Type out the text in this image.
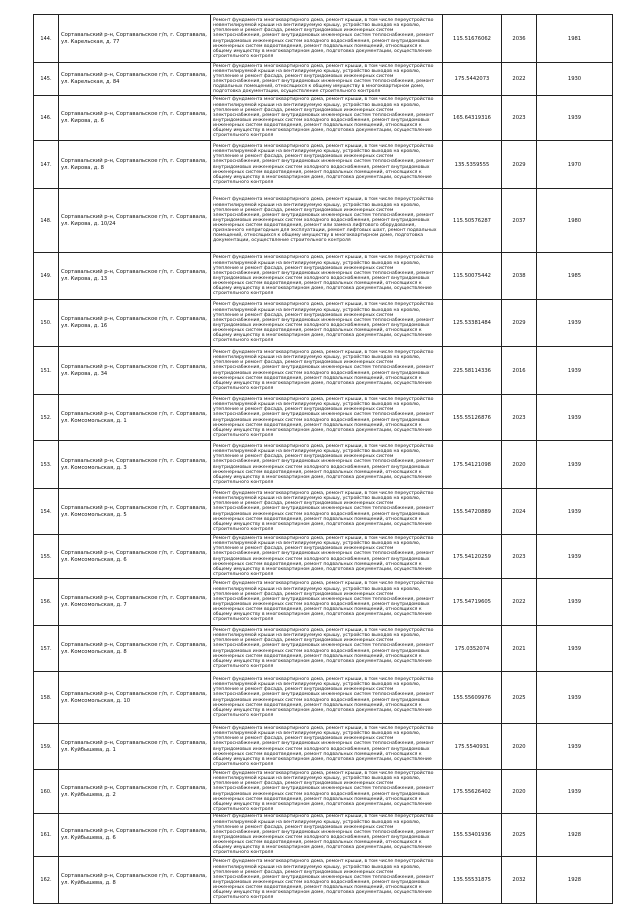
144.	Сортавальский р-н, Сортавальское г/п, г. Сортавала, ул. Карельская, д. 77	Ремонт фундамента многоквартирного дома, ремонт крыши, в том числе переустройство невентилируемой крыши на вентилируемую крышу, устройство выходов на кровлю, утепление и ремонт фасада, ремонт внутридомовых инженерных систем электроснабжения, ремонт внутридомовых инженерных систем теплоснабжения, ремонт внутридомовых инженерных систем холодного водоснабжения, ремонт внутридомовых инженерных систем водоотведения, ремонт подвальных помещений, относящихся к общему имуществу в многоквартирном доме, подготовка документации, осуществление строительного контроля	115.51676062	2036	1981
145.	Сортавальский р-н, Сортавальское г/п, г. Сортавала, ул. Карельская, д. 84	Ремонт фундамента многоквартирного дома, ремонт крыши, в том числе переустройство невентилируемой крыши на вентилируемую крышу, устройство выходов на кровлю, утепление и ремонт фасада, ремонт внутридомовых инженерных систем электроснабжения, ремонт внутридомовых инженерных систем теплоснабжения, ремонт подвальных помещений, относящихся к общему имуществу в многоквартирном доме, подготовка документации, осуществление строительного контроля	175.5442073	2022	1930
146.	Сортавальский р-н, Сортавальское г/п, г. Сортавала, ул. Кирова, д. 6	Ремонт фундамента многоквартирного дома, ремонт крыши, в том числе переустройство невентилируемой крыши на вентилируемую крышу, устройство выходов на кровлю, утепление и ремонт фасада, ремонт внутридомовых инженерных систем электроснабжения, ремонт внутридомовых инженерных систем теплоснабжения, ремонт внутридомовых инженерных систем холодного водоснабжения, ремонт внутридомовых инженерных систем водоотведения, ремонт подвальных помещений, относящихся к общему имуществу в многоквартирном доме, подготовка документации, осуществление строительного контроля	165.64319316	2023	1939
147.	Сортавальский р-н, Сортавальское г/п, г. Сортавала, ул. Кирова, д. 8	Ремонт фундамента многоквартирного дома, ремонт крыши, в том числе переустройство невентилируемой крыши на вентилируемую крышу, устройство выходов на кровлю, утепление и ремонт фасада, ремонт внутридомовых инженерных систем электроснабжения, ремонт внутридомовых инженерных систем теплоснабжения, ремонт внутридомовых инженерных систем холодного водоснабжения, ремонт внутридомовых инженерных систем водоотведения, ремонт подвальных помещений, относящихся к общему имуществу в многоквартирном доме, подготовка документации, осуществление строительного контроля	135.5359555	2029	1970
148.	Сортавальский р-н, Сортавальское г/п, г. Сортавала, ул. Кирова, д. 10/24	Ремонт фундамента многоквартирного дома, ремонт крыши, в том числе переустройство невентилируемой крыши на вентилируемую крышу, устройство выходов на кровлю, утепление и ремонт фасада, ремонт внутридомовых инженерных систем электроснабжения, ремонт внутридомовых инженерных систем теплоснабжения, ремонт внутридомовых инженерных систем холодного водоснабжения, ремонт внутридомовых инженерных систем водоотведения, ремонт или замена лифтового оборудования, признанного непригодным для эксплуатации, ремонт лифтовых шахт, ремонт подвальных помещений, относящихся к общему имуществу в многоквартирном доме, подготовка документации, осуществление строительного контроля	115.50576287	2037	1980
149.	Сортавальский р-н, Сортавальское г/п, г. Сортавала, ул. Кирова, д. 13	Ремонт фундамента многоквартирного дома, ремонт крыши, в том числе переустройство невентилируемой крыши на вентилируемую крышу, устройство выходов на кровлю, утепление и ремонт фасада, ремонт внутридомовых инженерных систем электроснабжения, ремонт внутридомовых инженерных систем теплоснабжения, ремонт внутридомовых инженерных систем холодного водоснабжения, ремонт внутридомовых инженерных систем водоотведения, ремонт подвальных помещений, относящихся к общему имуществу в многоквартирном доме, подготовка документации, осуществление строительного контроля	115.50075442	2038	1985
150.	Сортавальский р-н, Сортавальское г/п, г. Сортавала, ул. Кирова, д. 16	Ремонт фундамента многоквартирного дома, ремонт крыши, в том числе переустройство невентилируемой крыши на вентилируемую крышу, устройство выходов на кровлю, утепление и ремонт фасада, ремонт внутридомовых инженерных систем электроснабжения, ремонт внутридомовых инженерных систем теплоснабжения, ремонт внутридомовых инженерных систем холодного водоснабжения, ремонт внутридомовых инженерных систем водоотведения, ремонт подвальных помещений, относящихся к общему имуществу в многоквартирном доме, подготовка документации, осуществление строительного контроля	125.53381484	2029	1939
151.	Сортавальский р-н, Сортавальское г/п, г. Сортавала, ул. Кирова, д. 34	Ремонт фундамента многоквартирного дома, ремонт крыши, в том числе переустройство невентилируемой крыши на вентилируемую крышу, устройство выходов на кровлю, утепление и ремонт фасада, ремонт внутридомовых инженерных систем электроснабжения, ремонт внутридомовых инженерных систем теплоснабжения, ремонт внутридомовых инженерных систем холодного водоснабжения, ремонт внутридомовых инженерных систем водоотведения, ремонт подвальных помещений, относящихся к общему имуществу в многоквартирном доме, подготовка документации, осуществление строительного контроля	225.58114336	2016	1939
152.	Сортавальский р-н, Сортавальское г/п, г. Сортавала, ул. Комсомольская, д. 1	Ремонт фундамента многоквартирного дома, ремонт крыши, в том числе переустройство невентилируемой крыши на вентилируемую крышу, устройство выходов на кровлю, утепление и ремонт фасада, ремонт внутридомовых инженерных систем электроснабжения, ремонт внутридомовых инженерных систем теплоснабжения, ремонт внутридомовых инженерных систем холодного водоснабжения, ремонт внутридомовых инженерных систем водоотведения, ремонт подвальных помещений, относящихся к общему имуществу в многоквартирном доме, подготовка документации, осуществление строительного контроля	155.55126876	2023	1939
153.	Сортавальский р-н, Сортавальское г/п, г. Сортавала, ул. Комсомольская, д. 3	Ремонт фундамента многоквартирного дома, ремонт крыши, в том числе переустройство невентилируемой крыши на вентилируемую крышу, устройство выходов на кровлю, утепление и ремонт фасада, ремонт внутридомовых инженерных систем электроснабжения, ремонт внутридомовых инженерных систем теплоснабжения, ремонт внутридомовых инженерных систем холодного водоснабжения, ремонт внутридомовых инженерных систем водоотведения, ремонт подвальных помещений, относящихся к общему имуществу в многоквартирном доме, подготовка документации, осуществление строительного контроля	175.54121098	2020	1939
154.	Сортавальский р-н, Сортавальское г/п, г. Сортавала, ул. Комсомольская, д. 5	Ремонт фундамента многоквартирного дома, ремонт крыши, в том числе переустройство невентилируемой крыши на вентилируемую крышу, устройство выходов на кровлю, утепление и ремонт фасада, ремонт внутридомовых инженерных систем электроснабжения, ремонт внутридомовых инженерных систем теплоснабжения, ремонт внутридомовых инженерных систем холодного водоснабжения, ремонт внутридомовых инженерных систем водоотведения, ремонт подвальных помещений, относящихся к общему имуществу в многоквартирном доме, подготовка документации, осуществление строительного контроля	155.54720889	2024	1939
155.	Сортавальский р-н, Сортавальское г/п, г. Сортавала, ул. Комсомольская, д. 6	Ремонт фундамента многоквартирного дома, ремонт крыши, в том числе переустройство невентилируемой крыши на вентилируемую крышу, устройство выходов на кровлю, утепление и ремонт фасада, ремонт внутридомовых инженерных систем электроснабжения, ремонт внутридомовых инженерных систем теплоснабжения, ремонт внутридомовых инженерных систем холодного водоснабжения, ремонт внутридомовых инженерных систем водоотведения, ремонт подвальных помещений, относящихся к общему имуществу в многоквартирном доме, подготовка документации, осуществление строительного контроля	175.54120259	2023	1939
156.	Сортавальский р-н, Сортавальское г/п, г. Сортавала, ул. Комсомольская, д. 7	Ремонт фундамента многоквартирного дома, ремонт крыши, в том числе переустройство невентилируемой крыши на вентилируемую крышу, устройство выходов на кровлю, утепление и ремонт фасада, ремонт внутридомовых инженерных систем электроснабжения, ремонт внутридомовых инженерных систем теплоснабжения, ремонт внутридомовых инженерных систем холодного водоснабжения, ремонт внутридомовых инженерных систем водоотведения, ремонт подвальных помещений, относящихся к общему имуществу в многоквартирном доме, подготовка документации, осуществление строительного контроля	175.54719605	2022	1939
157.	Сортавальский р-н, Сортавальское г/п, г. Сортавала, ул. Комсомольская, д. 8	Ремонт фундамента многоквартирного дома, ремонт крыши, в том числе переустройство невентилируемой крыши на вентилируемую крышу, устройство выходов на кровлю, утепление и ремонт фасада, ремонт внутридомовых инженерных систем электроснабжения, ремонт внутридомовых инженерных систем теплоснабжения, ремонт внутридомовых инженерных систем холодного водоснабжения, ремонт внутридомовых инженерных систем водоотведения, ремонт подвальных помещений, относящихся к общему имуществу в многоквартирном доме, подготовка документации, осуществление строительного контроля	175.0352074	2021	1939
158.	Сортавальский р-н, Сортавальское г/п, г. Сортавала, ул. Комсомольская, д. 10	Ремонт фундамента многоквартирного дома, ремонт крыши, в том числе переустройство невентилируемой крыши на вентилируемую крышу, устройство выходов на кровлю, утепление и ремонт фасада, ремонт внутридомовых инженерных систем электроснабжения, ремонт внутридомовых инженерных систем теплоснабжения, ремонт внутридомовых инженерных систем холодного водоснабжения, ремонт внутридомовых инженерных систем водоотведения, ремонт подвальных помещений, относящихся к общему имуществу в многоквартирном доме, подготовка документации, осуществление строительного контроля	155.55609976	2025	1939
159.	Сортавальский р-н, Сортавальское г/п, г. Сортавала, ул. Куйбышева, д. 1	Ремонт фундамента многоквартирного дома, ремонт крыши, в том числе переустройство невентилируемой крыши на вентилируемую крышу, устройство выходов на кровлю, утепление и ремонт фасада, ремонт внутридомовых инженерных систем электроснабжения, ремонт внутридомовых инженерных систем теплоснабжения, ремонт внутридомовых инженерных систем холодного водоснабжения, ремонт внутридомовых инженерных систем водоотведения, ремонт подвальных помещений, относящихся к общему имуществу в многоквартирном доме, подготовка документации, осуществление строительного контроля	175.5540931	2020	1939
160.	Сортавальский р-н, Сортавальское г/п, г. Сортавала, ул. Куйбышева, д. 2	Ремонт фундамента многоквартирного дома, ремонт крыши, в том числе переустройство невентилируемой крыши на вентилируемую крышу, устройство выходов на кровлю, утепление и ремонт фасада, ремонт внутридомовых инженерных систем электроснабжения, ремонт внутридомовых инженерных систем теплоснабжения, ремонт внутридомовых инженерных систем холодного водоснабжения, ремонт внутридомовых инженерных систем водоотведения, ремонт подвальных помещений, относящихся к общему имуществу в многоквартирном доме, подготовка документации, осуществление строительного контроля	175.55626402	2020	1939
161.	Сортавальский р-н, Сортавальское г/п, г. Сортавала, ул. Куйбышева, д. 6	Ремонт фундамента многоквартирного дома, ремонт крыши, в том числе переустройство невентилируемой крыши на вентилируемую крышу, устройство выходов на кровлю, утепление и ремонт фасада, ремонт внутридомовых инженерных систем электроснабжения, ремонт внутридомовых инженерных систем теплоснабжения, ремонт внутридомовых инженерных систем холодного водоснабжения, ремонт внутридомовых инженерных систем водоотведения, ремонт подвальных помещений, относящихся к общему имуществу в многоквартирном доме, подготовка документации, осуществление строительного контроля	155.53401936	2025	1928
162.	Сортавальский р-н, Сортавальское г/п, г. Сортавала, ул. Куйбышева, д. 8	Ремонт фундамента многоквартирного дома, ремонт крыши, в том числе переустройство невентилируемой крыши на вентилируемую крышу, устройство выходов на кровлю, утепление и ремонт фасада, ремонт внутридомовых инженерных систем электроснабжения, ремонт внутридомовых инженерных систем теплоснабжения, ремонт внутридомовых инженерных систем холодного водоснабжения, ремонт внутридомовых инженерных систем водоотведения, ремонт подвальных помещений, относящихся к общему имуществу в многоквартирном доме, подготовка документации, осуществление строительного контроля	135.55531875	2032	1928
